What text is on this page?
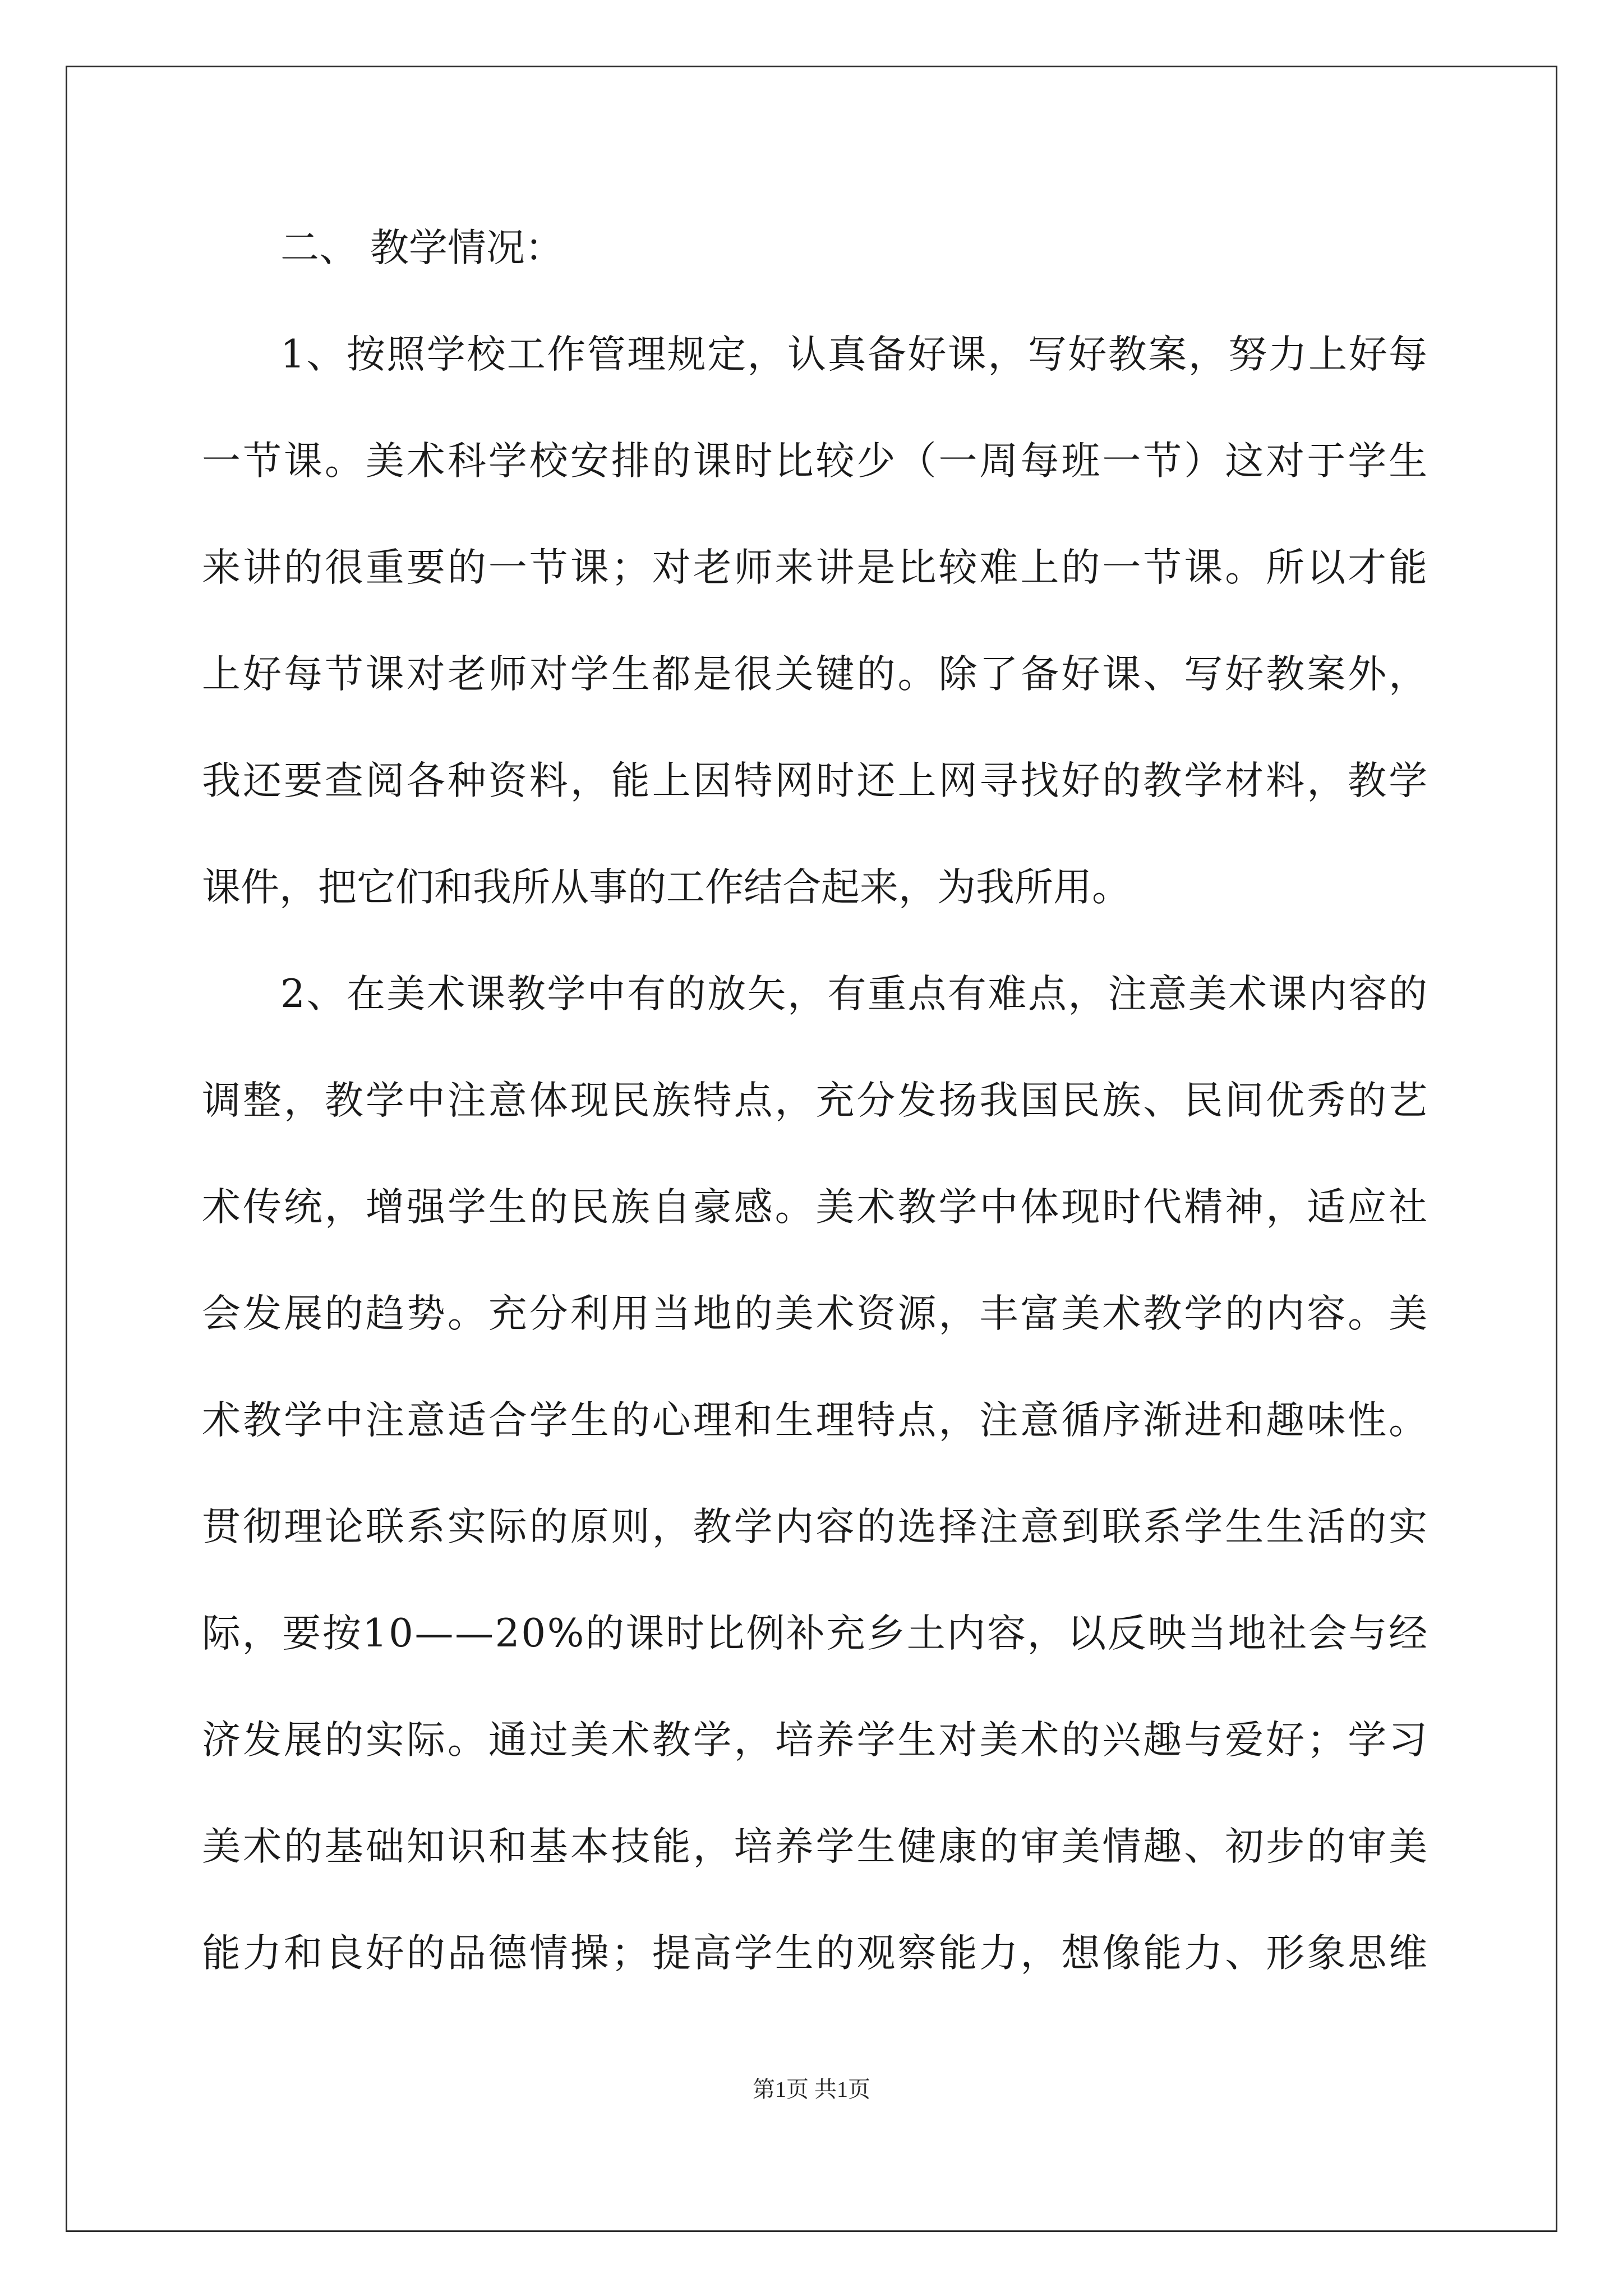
二、 教学情况：
1、按照学校工作管理规定，认真备好课，写好教案，努力上好每
一节课。美术科学校安排的课时比较少（一周每班一节）这对于学生
来讲的很重要的一节课；对老师来讲是比较难上的一节课。所以才能
上好每节课对老师对学生都是很关键的。除了备好课、写好教案外，
我还要查阅各种资料，能上因特网时还上网寻找好的教学材料，教学
课件，把它们和我所从事的工作结合起来，为我所用。
2、在美术课教学中有的放矢，有重点有难点，注意美术课内容的
调整，教学中注意体现民族特点，充分发扬我国民族、民间优秀的艺
术传统，增强学生的民族自豪感。美术教学中体现时代精神，适应社
会发展的趋势。充分利用当地的美术资源，丰富美术教学的内容。美
术教学中注意适合学生的心理和生理特点，注意循序渐进和趣味性。
贯彻理论联系实际的原则，教学内容的选择注意到联系学生生活的实
际，要按10——20%的课时比例补充乡土内容，以反映当地社会与经
济发展的实际。通过美术教学，培养学生对美术的兴趣与爱好；学习
美术的基础知识和基本技能，培养学生健康的审美情趣、初步的审美
能力和良好的品德情操；提高学生的观察能力，想像能力、形象思维
第1页 共1页
